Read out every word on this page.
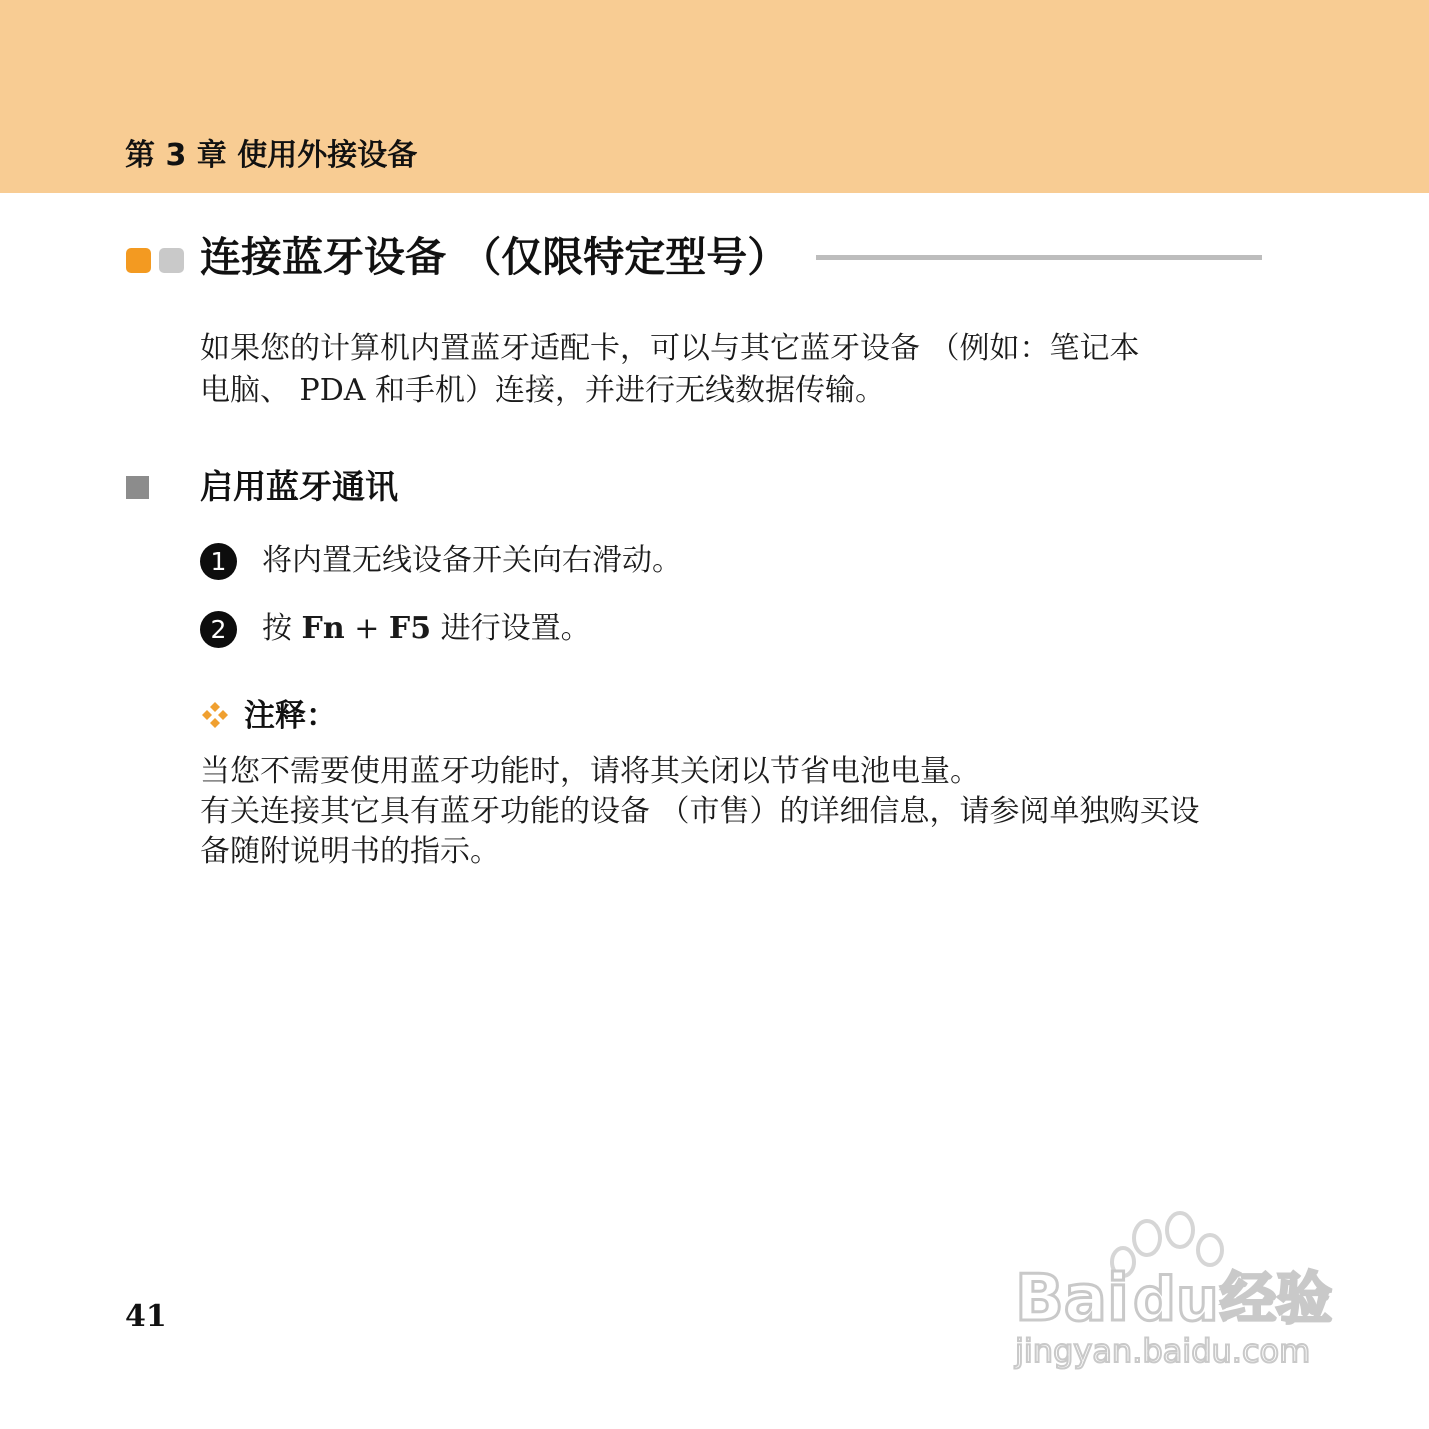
第 3 章 使用外接设备
连接蓝牙设备 （仅限特定型号）

如果您的计算机内置蓝牙适配卡，可以与其它蓝牙设备 （例如：笔记本

电脑、 PDA 和手机）连接，并进行无线数据传输。

启用蓝牙通讯
1	将内置无线设备开关向右滑动。
2	按 Fn + F5 进行设置。
注释：

当您不需要使用蓝牙功能时，请将其关闭以节省电池电量。

有关连接其它具有蓝牙功能的设备 （市售）的详细信息，请参阅单独购买设

备随附说明书的指示。

41	Bai du 经验
jingyan.baidu.com
